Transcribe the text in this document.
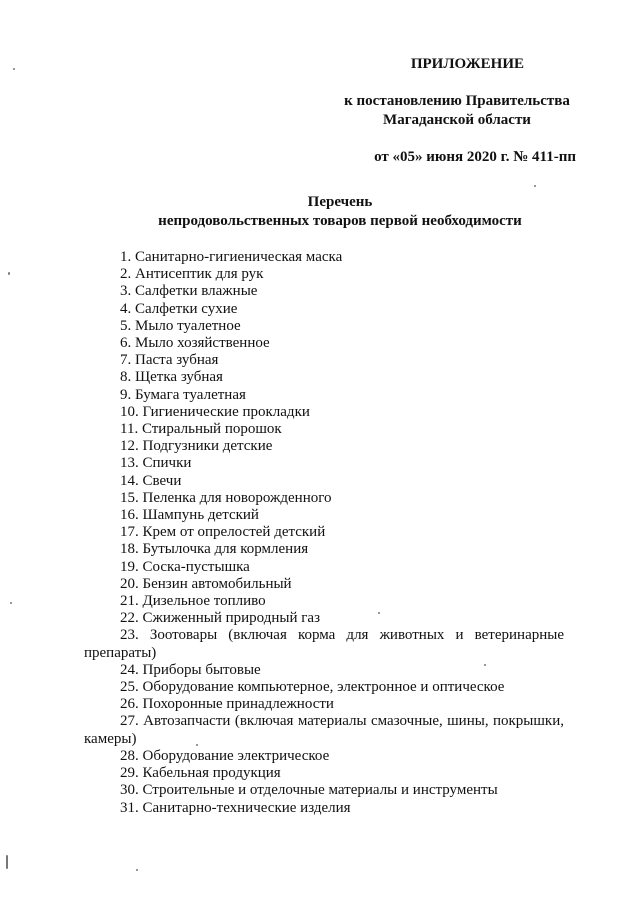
ПРИЛОЖЕНИЕ
к постановлению Правительства
Магаданской области
от «05» июня 2020 г. № 411-пп
Перечень
непродовольственных товаров первой необходимости
1. Санитарно-гигиеническая маска
2. Антисептик для рук
3. Салфетки влажные
4. Салфетки сухие
5. Мыло туалетное
6. Мыло хозяйственное
7. Паста зубная
8. Щетка зубная
9. Бумага туалетная
10. Гигиенические прокладки
11. Стиральный порошок
12. Подгузники детские
13. Спички
14. Свечи
15. Пеленка для новорожденного
16. Шампунь детский
17. Крем от опрелостей детский
18. Бутылочка для кормления
19. Соска-пустышка
20. Бензин автомобильный
21. Дизельное топливо
22. Сжиженный природный газ
23. Зоотовары (включая корма для животных и ветеринарные препараты)
24. Приборы бытовые
25. Оборудование компьютерное, электронное и оптическое
26. Похоронные принадлежности
27. Автозапчасти (включая материалы смазочные, шины, покрышки, камеры)
28. Оборудование электрическое
29. Кабельная продукция
30. Строительные и отделочные материалы и инструменты
31. Санитарно-технические изделия
